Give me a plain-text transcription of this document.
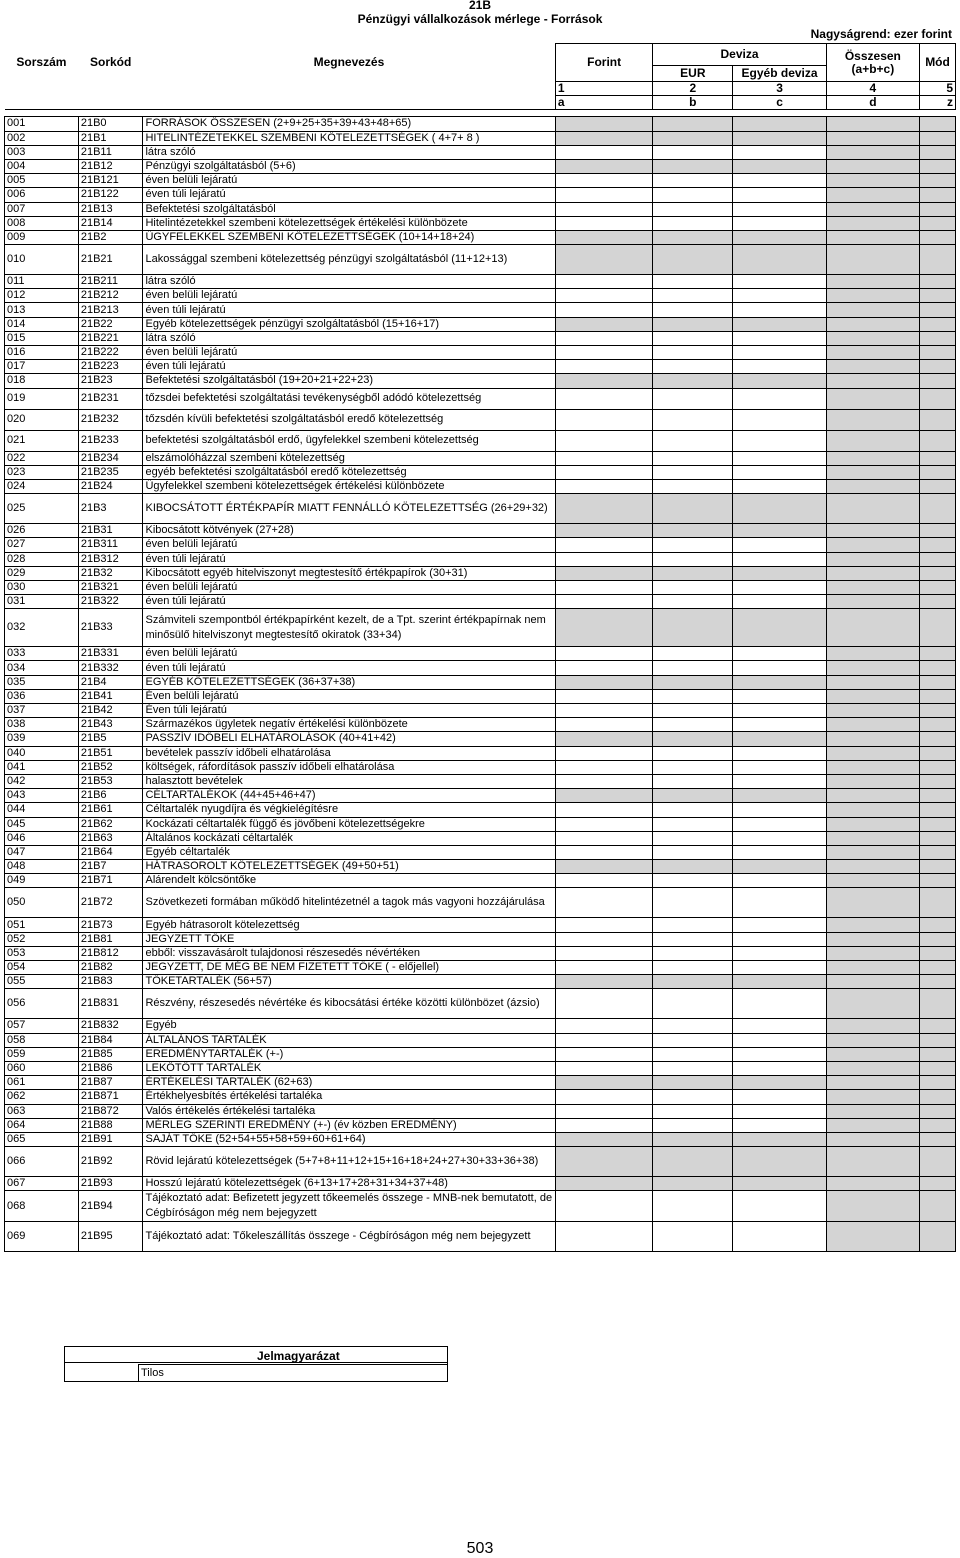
21B
Pénzügyi vállalkozások mérlege - Források
Nagyságrend: ezer forint
Sorszám	Sorkód	Megnevezés	Forint	Deviza		Összesen
(a+b+c)	Mód
				EUR	Egyéb deviza		
			1	2	3	4	5
			a	b	c	d	z

001	21B0	FORRÁSOK ÖSSZESEN (2+9+25+35+39+43+48+65)					
002	21B1	HITELINTÉZETEKKEL SZEMBENI KÖTELEZETTSÉGEK ( 4+7+ 8 )					
003	21B11	látra szóló					
004	21B12	Pénzügyi szolgáltatásból (5+6)					
005	21B121	éven belüli lejáratú					
006	21B122	éven túli lejáratú					
007	21B13	Befektetési szolgáltatásból					
008	21B14	Hitelintézetekkel szembeni kötelezettségek értékelési különbözete					
009	21B2	ÜGYFELEKKEL SZEMBENI KÖTELEZETTSÉGEK (10+14+18+24)					
010	21B21	Lakossággal szembeni kötelezettség pénzügyi szolgáltatásból (11+12+13)					
011	21B211	látra szóló					
012	21B212	éven belüli lejáratú					
013	21B213	éven túli lejáratú					
014	21B22	Egyéb kötelezettségek pénzügyi szolgáltatásból (15+16+17)					
015	21B221	látra szóló					
016	21B222	éven belüli lejáratú					
017	21B223	éven túli lejáratú					
018	21B23	Befektetési szolgáltatásból (19+20+21+22+23)					
019	21B231	tőzsdei befektetési szolgáltatási tevékenységből adódó kötelezettség					
020	21B232	tőzsdén kívüli befektetési szolgáltatásból eredő kötelezettség					
021	21B233	befektetési szolgáltatásból erdő, ügyfelekkel szembeni kötelezettség					
022	21B234	elszámolóházzal szembeni kötelezettség					
023	21B235	egyéb befektetési szolgáltatásból eredő kötelezettség					
024	21B24	Ügyfelekkel szembeni kötelezettségek értékelési különbözete					
025	21B3	KIBOCSÁTOTT ÉRTÉKPAPÍR MIATT FENNÁLLÓ KÖTELEZETTSÉG (26+29+32)					
026	21B31	Kibocsátott kötvények (27+28)					
027	21B311	éven belüli lejáratú					
028	21B312	éven túli lejáratú					
029	21B32	Kibocsátott egyéb hitelviszonyt megtestesítő értékpapírok (30+31)					
030	21B321	éven belüli lejáratú					
031	21B322	éven túli lejáratú					
032	21B33	Számviteli szempontból értékpapírként kezelt, de a Tpt. szerint értékpapírnak nem minősülő hitelviszonyt megtestesítő okiratok (33+34)					
033	21B331	éven belüli lejáratú					
034	21B332	éven túli lejáratú					
035	21B4	EGYÉB KÖTELEZETTSÉGEK (36+37+38)					
036	21B41	Éven belüli lejáratú					
037	21B42	Éven túli lejáratú					
038	21B43	Származékos ügyletek negatív értékelési különbözete					
039	21B5	PASSZÍV IDŐBELI ELHATÁROLÁSOK (40+41+42)					
040	21B51	bevételek passzív időbeli elhatárolása					
041	21B52	költségek, ráfordítások passzív időbeli elhatárolása					
042	21B53	halasztott bevételek					
043	21B6	CÉLTARTALÉKOK (44+45+46+47)					
044	21B61	Céltartalék nyugdíjra és végkielégítésre					
045	21B62	Kockázati céltartalék függő és jövőbeni kötelezettségekre					
046	21B63	Általános kockázati céltartalék					
047	21B64	Egyéb céltartalék					
048	21B7	HÁTRASOROLT KÖTELEZETTSÉGEK (49+50+51)					
049	21B71	Alárendelt kölcsöntőke					
050	21B72	Szövetkezeti formában működő hitelintézetnél a tagok más vagyoni hozzájárulása					
051	21B73	Egyéb hátrasorolt kötelezettség					
052	21B81	JEGYZETT TŐKE					
053	21B812	ebből: visszavásárolt tulajdonosi részesedés névértéken					
054	21B82	JEGYZETT, DE MÉG BE NEM FIZETETT TŐKE ( - előjellel)					
055	21B83	TŐKETARTALÉK (56+57)					
056	21B831	Részvény, részesedés névértéke és kibocsátási értéke közötti különbözet (ázsio)					
057	21B832	Egyéb					
058	21B84	ÁLTALÁNOS TARTALÉK					
059	21B85	EREDMÉNYTARTALÉK (+-)					
060	21B86	LEKÖTÖTT TARTALÉK					
061	21B87	ÉRTÉKELÉSI TARTALÉK (62+63)					
062	21B871	Értékhelyesbítés értékelési tartaléka					
063	21B872	Valós értékelés értékelési tartaléka					
064	21B88	MÉRLEG SZERINTI EREDMÉNY (+-) (év közben EREDMÉNY)					
065	21B91	SAJÁT TŐKE (52+54+55+58+59+60+61+64)					
066	21B92	Rövid lejáratú kötelezettségek (5+7+8+11+12+15+16+18+24+27+30+33+36+38)					
067	21B93	Hosszú lejáratú kötelezettségek (6+13+17+28+31+34+37+48)					
068	21B94	Tájékoztató adat: Befizetett jegyzett tőkeemelés összege - MNB-nek bemutatott, de Cégbíróságon még nem bejegyzett					
069	21B95	Tájékoztató adat: Tőkeleszállítás összege - Cégbíróságon még nem bejegyzett					
Jelmagyarázat
Tilos
503
